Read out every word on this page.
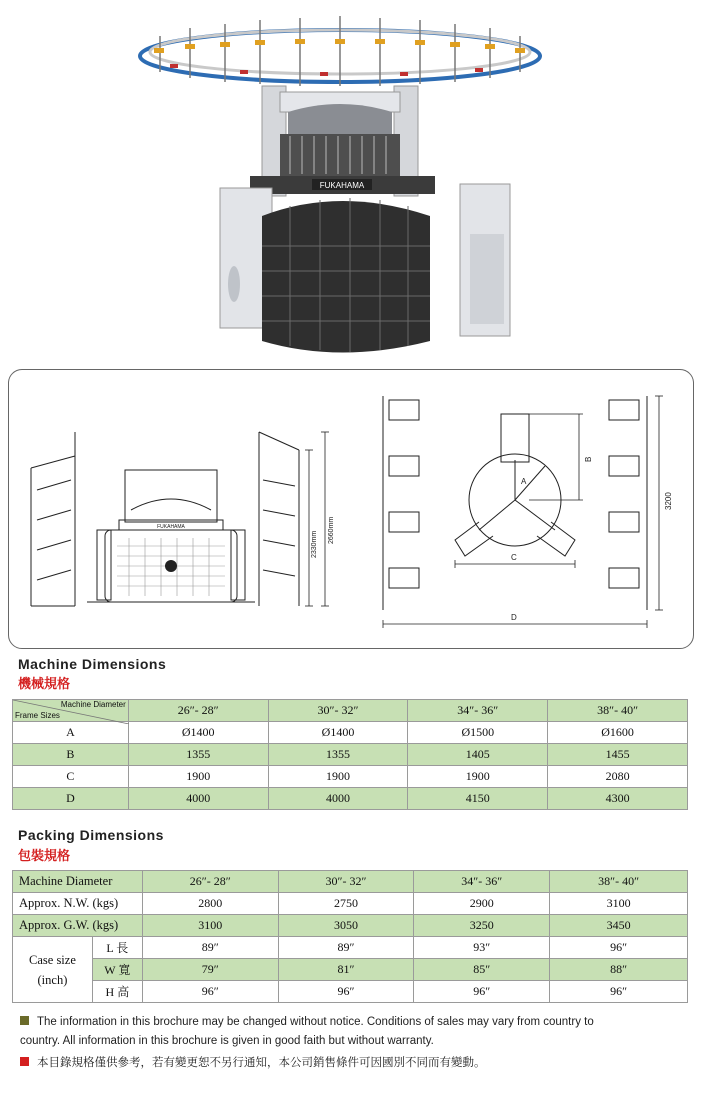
FUKAHAMA
FUKAHAMA
2330mm
2660mm
A
B
C
D
3200
Machine Dimensions
機械規格
Machine Diameter
Frame Sizes	26″- 28″	30″- 32″	34″- 36″	38″- 40″
A	Ø1400	Ø1400	Ø1500	Ø1600
B	1355	1355	1405	1455
C	1900	1900	1900	2080
D	4000	4000	4150	4300
Packing Dimensions
包裝規格
Machine Diameter		26″- 28″	30″- 32″	34″- 36″	38″- 40″
Approx. N.W. (kgs)		2800	2750	2900	3100
Approx. G.W. (kgs)		3100	3050	3250	3450
Case size
(inch)	L 長	89″	89″	93″	96″
	W 寬	79″	81″	85″	88″
	H 高	96″	96″	96″	96″
The information in this brochure may be changed without notice. Conditions of sales may vary from country to
country. All information in this brochure is given in good faith but without warranty.
本目錄規格僅供參考，若有變更恕不另行通知，本公司銷售條件可因國別不同而有變動。
